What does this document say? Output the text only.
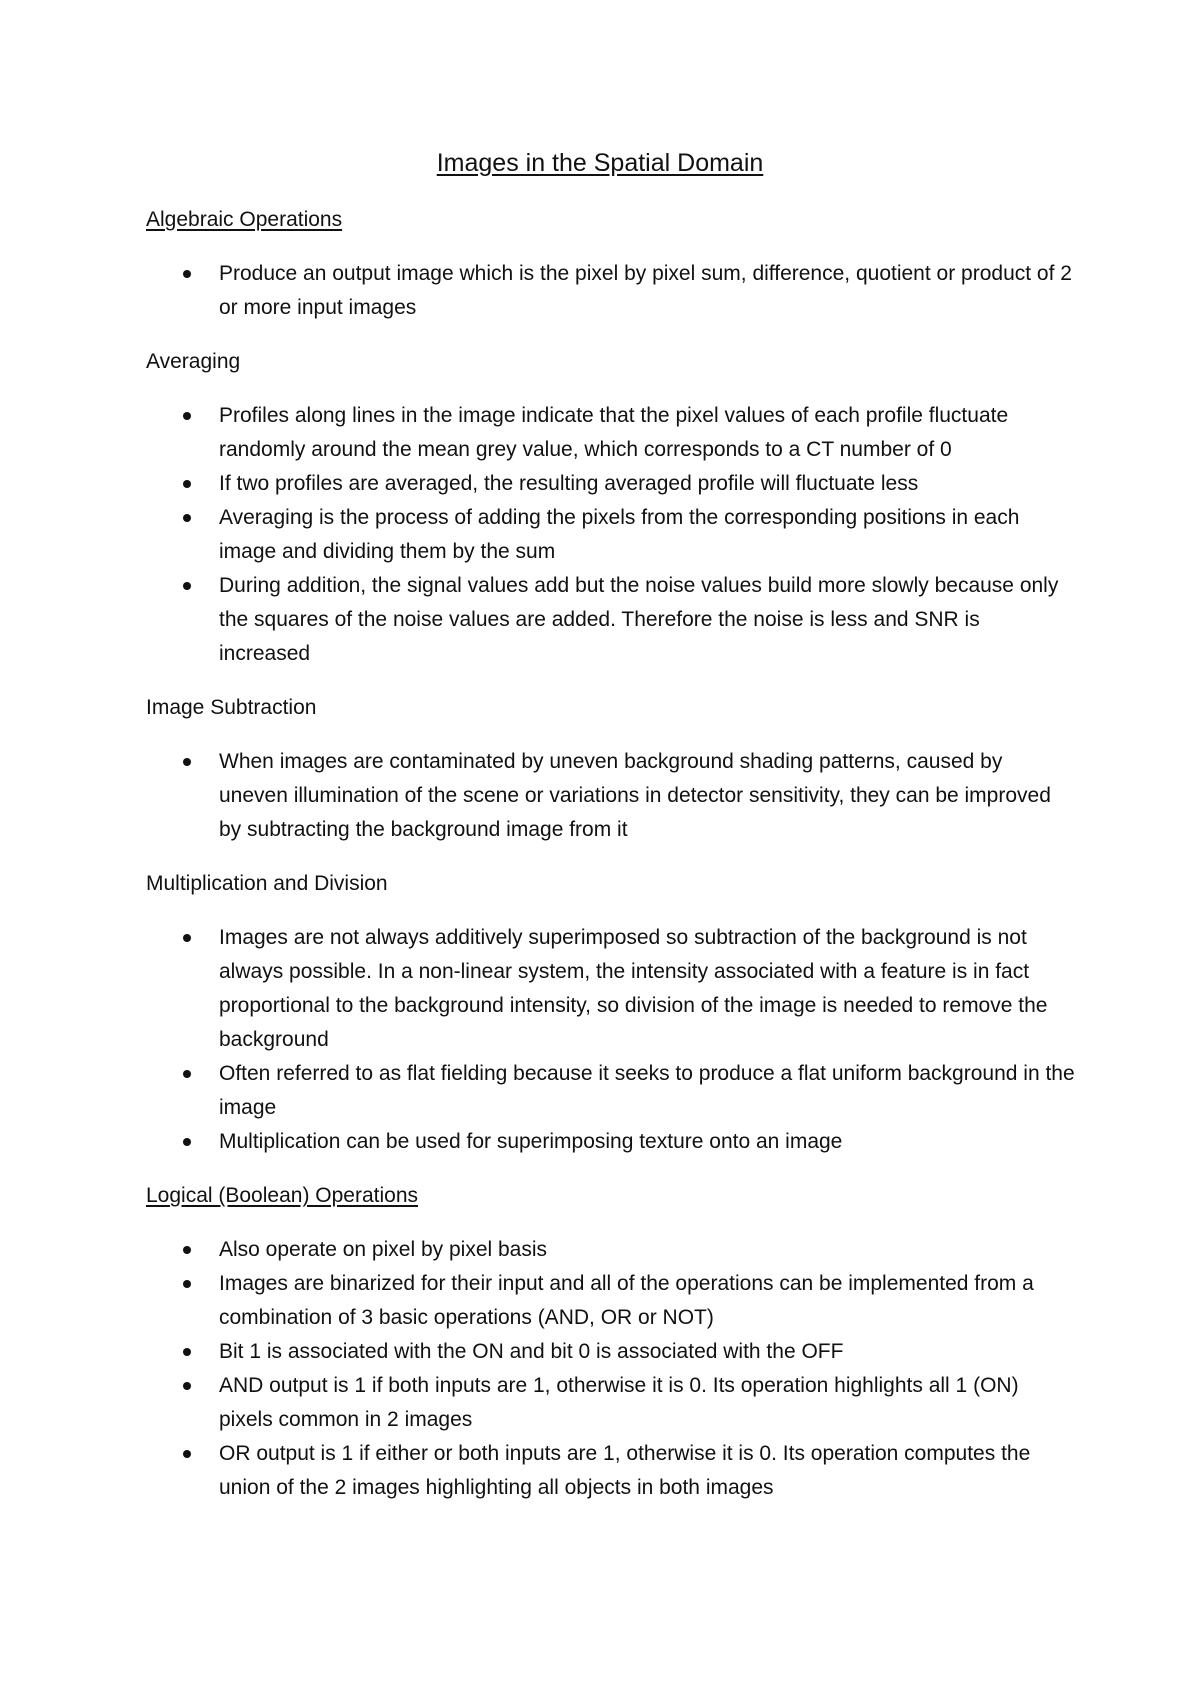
Images in the Spatial Domain
Algebraic Operations
Produce an output image which is the pixel by pixel sum, difference, quotient or product of 2 or more input images
Averaging
Profiles along lines in the image indicate that the pixel values of each profile fluctuate randomly around the mean grey value, which corresponds to a CT number of 0
If two profiles are averaged, the resulting averaged profile will fluctuate less
Averaging is the process of adding the pixels from the corresponding positions in each image and dividing them by the sum
During addition, the signal values add but the noise values build more slowly because only the squares of the noise values are added. Therefore the noise is less and SNR is increased
Image Subtraction
When images are contaminated by uneven background shading patterns, caused by uneven illumination of the scene or variations in detector sensitivity, they can be improved by subtracting the background image from it
Multiplication and Division
Images are not always additively superimposed so subtraction of the background is not always possible. In a non-linear system, the intensity associated with a feature is in fact proportional to the background intensity, so division of the image is needed to remove the background
Often referred to as flat fielding because it seeks to produce a flat uniform background in the image
Multiplication can be used for superimposing texture onto an image
Logical (Boolean) Operations
Also operate on pixel by pixel basis
Images are binarized for their input and all of the operations can be implemented from a combination of 3 basic operations (AND, OR or NOT)
Bit 1 is associated with the ON and bit 0 is associated with the OFF
AND output is 1 if both inputs are 1, otherwise it is 0. Its operation highlights all 1 (ON) pixels common in 2 images
OR output is 1 if either or both inputs are 1, otherwise it is 0. Its operation computes the union of the 2 images highlighting all objects in both images
